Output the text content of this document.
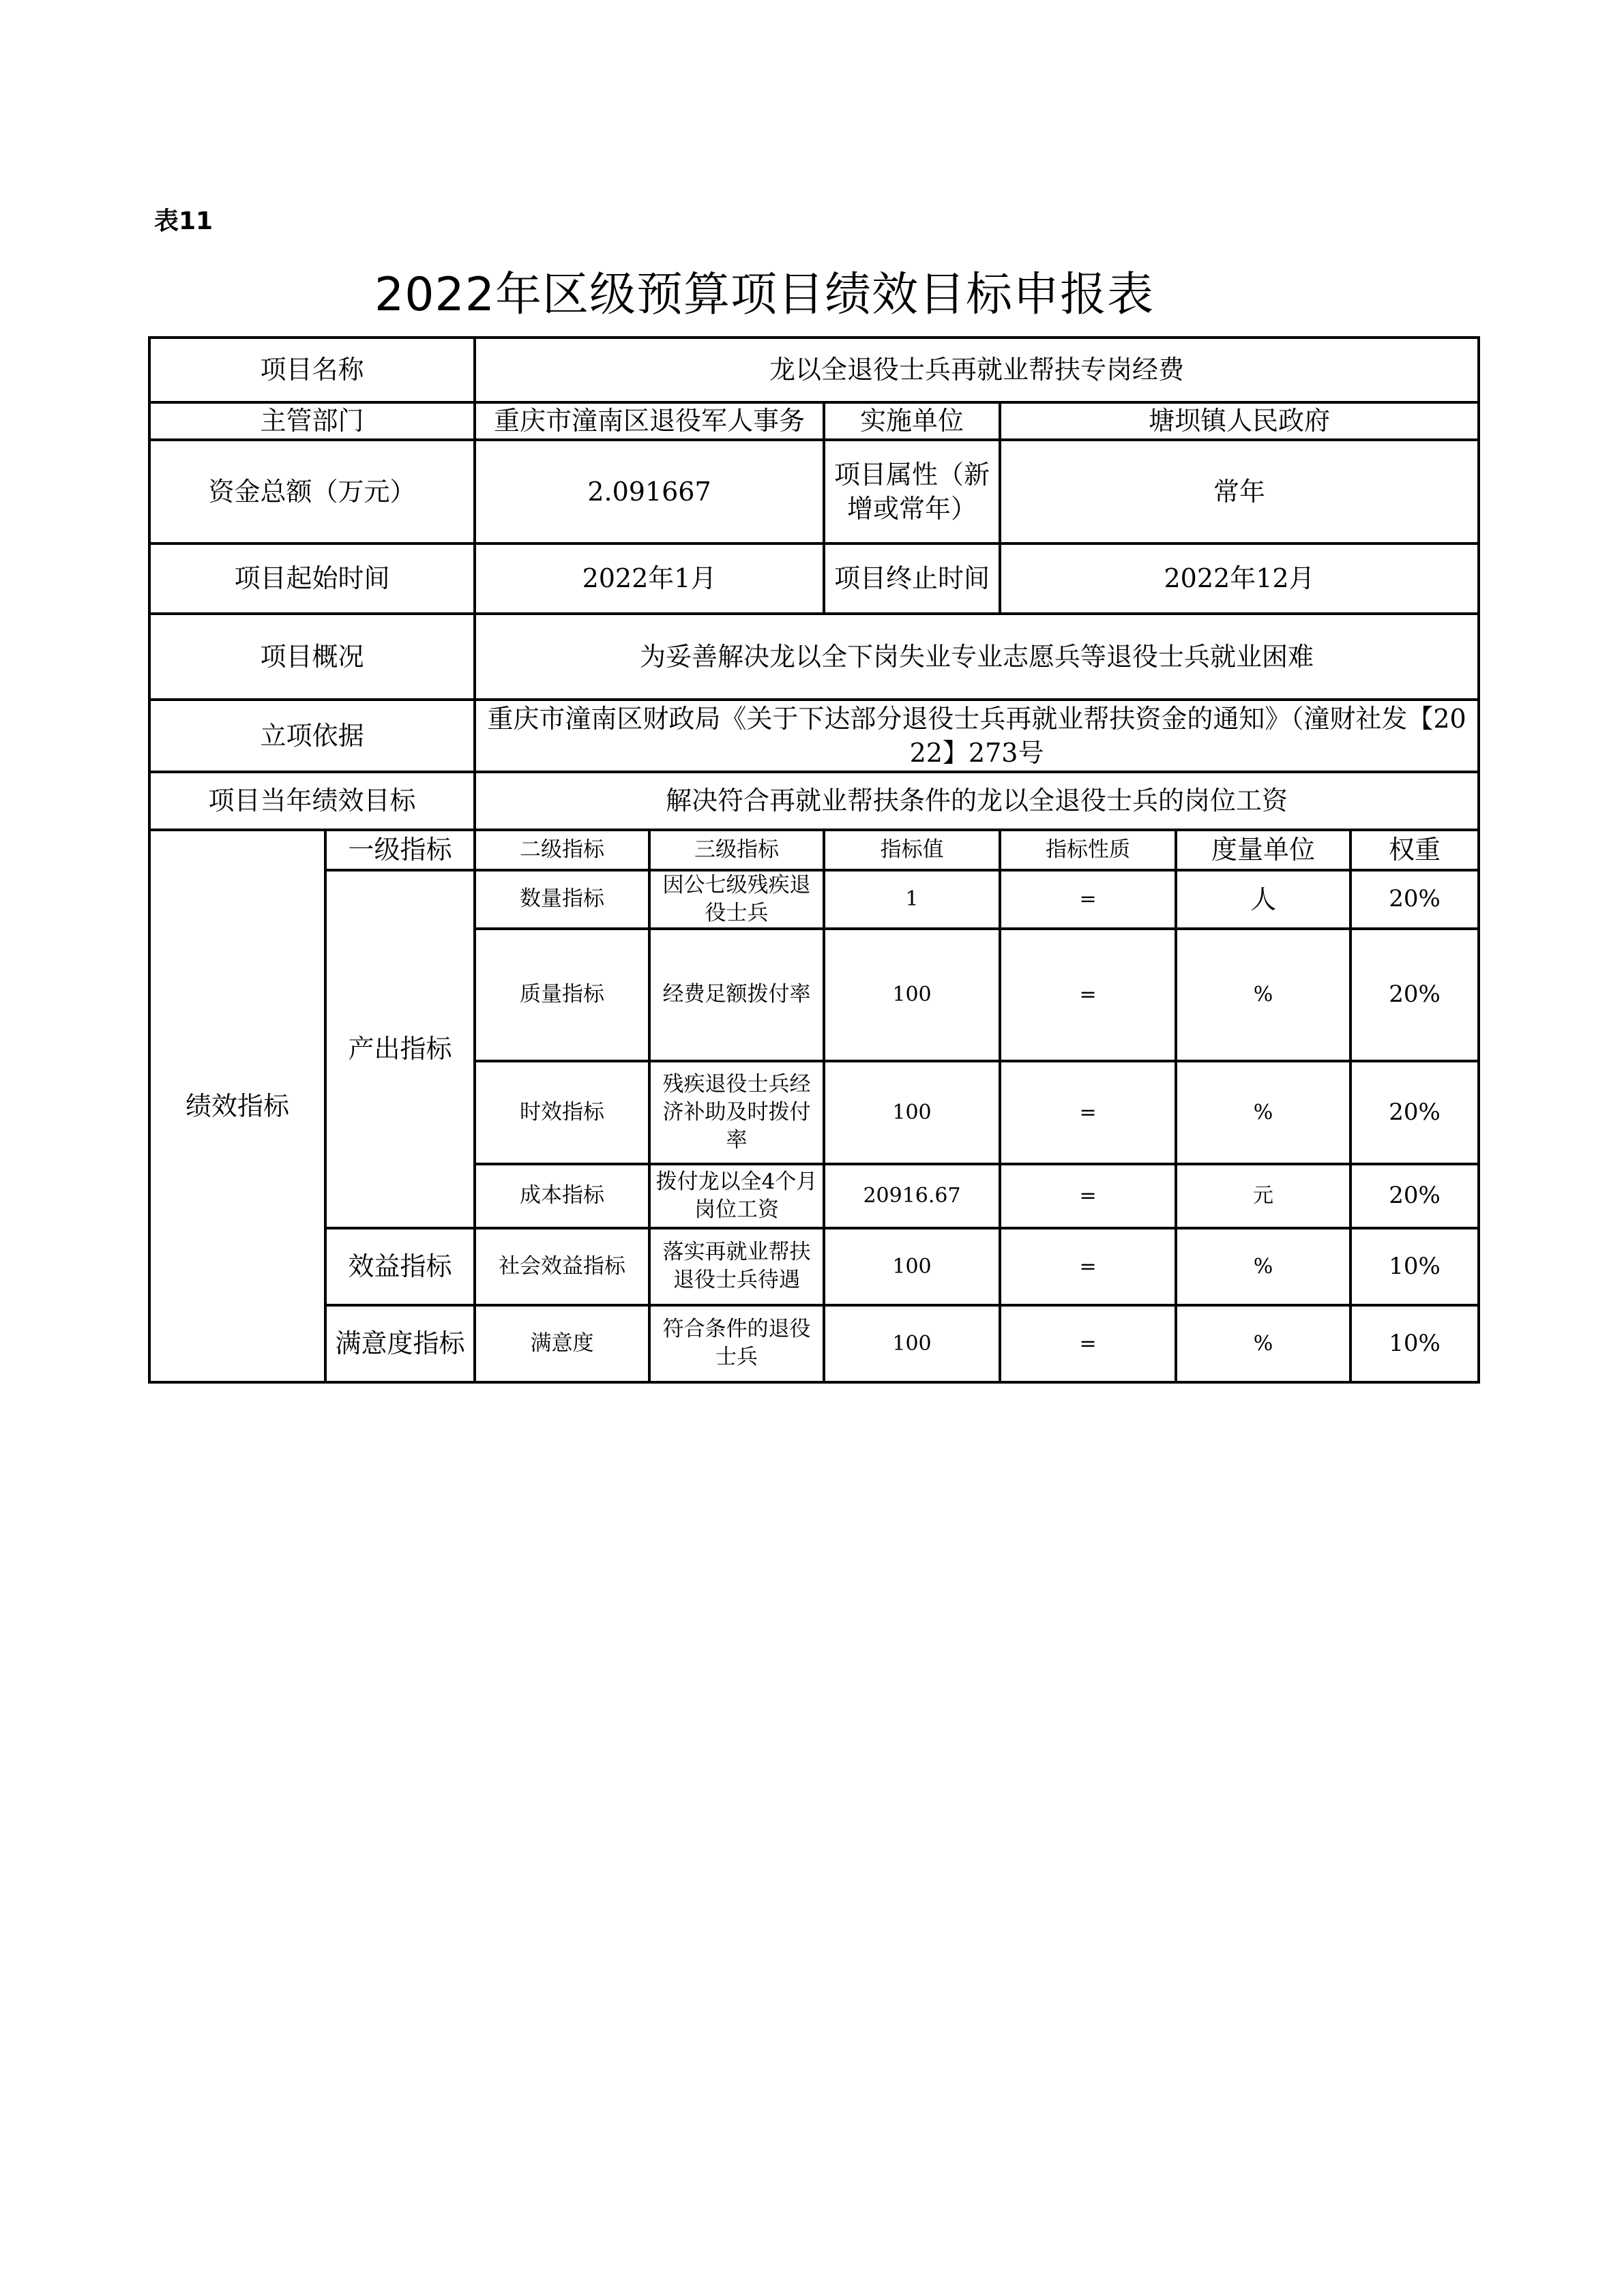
表11
2022年区级预算项目绩效目标申报表
项目名称		龙以全退役士兵再就业帮扶专岗经费					
主管部门		重庆市潼南区退役军人事务		实施单位	塘坝镇人民政府		
资金总额（万元）		2.091667		项目属性（新增或常年）	常年		
项目起始时间		2022年1月		项目终止时间	2022年12月		
项目概况		为妥善解决龙以全下岗失业专业志愿兵等退役士兵就业困难					
立项依据		重庆市潼南区财政局《关于下达部分退役士兵再就业帮扶资金的通知》（潼财社发【2022】273号					
项目当年绩效目标		解决符合再就业帮扶条件的龙以全退役士兵的岗位工资					
绩效指标	一级指标	二级指标	三级指标	指标值	指标性质	度量单位	权重
	产出指标	数量指标	因公七级残疾退役士兵	1	=	人	20%
		质量指标	经费足额拨付率	100	=	%	20%
		时效指标	残疾退役士兵经济补助及时拨付率	100	=	%	20%
		成本指标	拨付龙以全4个月岗位工资	20916.67	=	元	20%
	效益指标	社会效益指标	落实再就业帮扶退役士兵待遇	100	=	%	10%
	满意度指标	满意度	符合条件的退役士兵	100	=	%	10%
